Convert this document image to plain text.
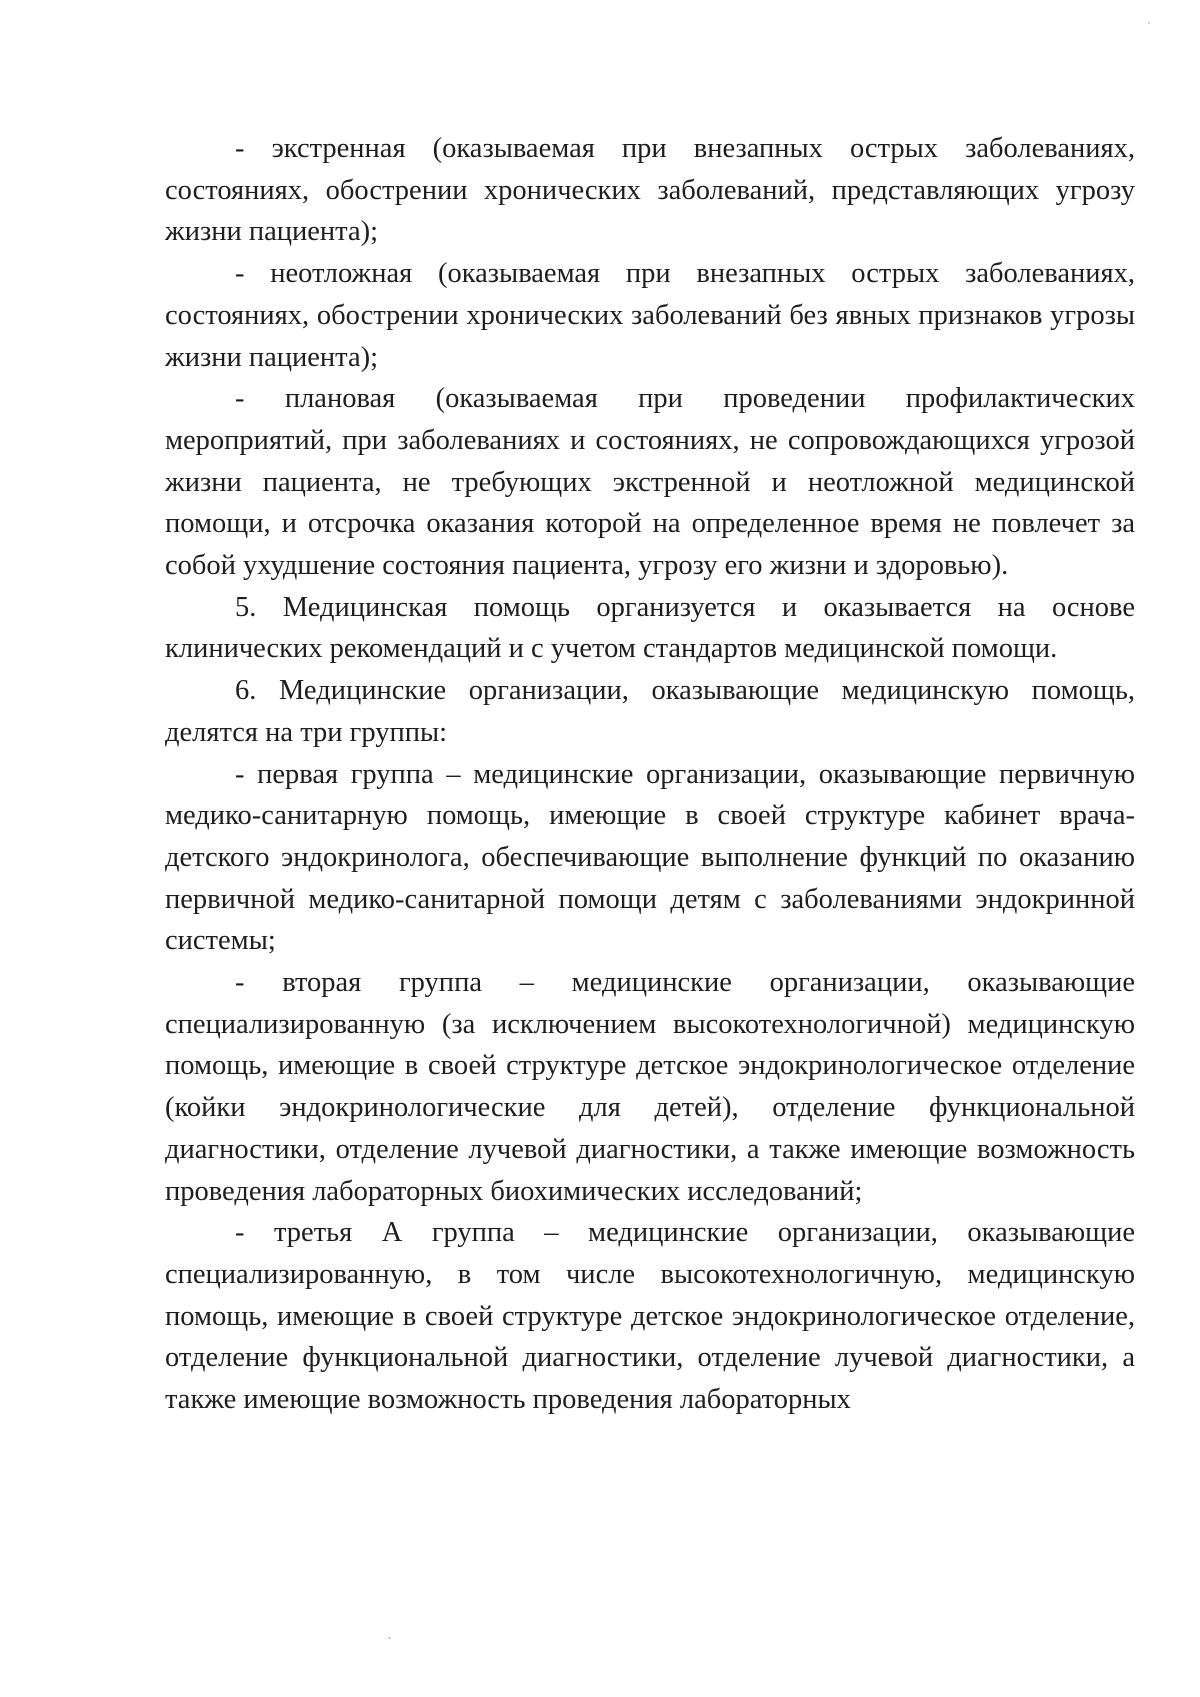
- экстренная (оказываемая при внезапных острых заболеваниях, состояниях, обострении хронических заболеваний, представляющих угрозу жизни пациента);

- неотложная (оказываемая при внезапных острых заболеваниях, состояниях, обострении хронических заболеваний без явных признаков угрозы жизни пациента);

- плановая (оказываемая при проведении профилактических мероприятий, при заболеваниях и состояниях, не сопровождающихся угрозой жизни пациента, не требующих экстренной и неотложной медицинской помощи, и отсрочка оказания которой на определенное время не повлечет за собой ухудшение состояния пациента, угрозу его жизни и здоровью).

5. Медицинская помощь организуется и оказывается на основе клинических рекомендаций и с учетом стандартов медицинской помощи.

6. Медицинские организации, оказывающие медицинскую помощь, делятся на три группы:

- первая группа – медицинские организации, оказывающие первичную медико-санитарную помощь, имеющие в своей структуре кабинет врача-детского эндокринолога, обеспечивающие выполнение функций по оказанию первичной медико-санитарной помощи детям с заболеваниями эндокринной системы;

- вторая группа – медицинские организации, оказывающие специализированную (за исключением высокотехнологичной) медицинскую помощь, имеющие в своей структуре детское эндокринологическое отделение (койки эндокринологические для детей), отделение функциональной диагностики, отделение лучевой диагностики, а также имеющие возможность проведения лабораторных биохимических исследований;

- третья А группа – медицинские организации, оказывающие специализированную, в том числе высокотехнологичную, медицинскую помощь, имеющие в своей структуре детское эндокринологическое отделение, отделение функциональной диагностики, отделение лучевой диагностики, а также имеющие возможность проведения лабораторных
